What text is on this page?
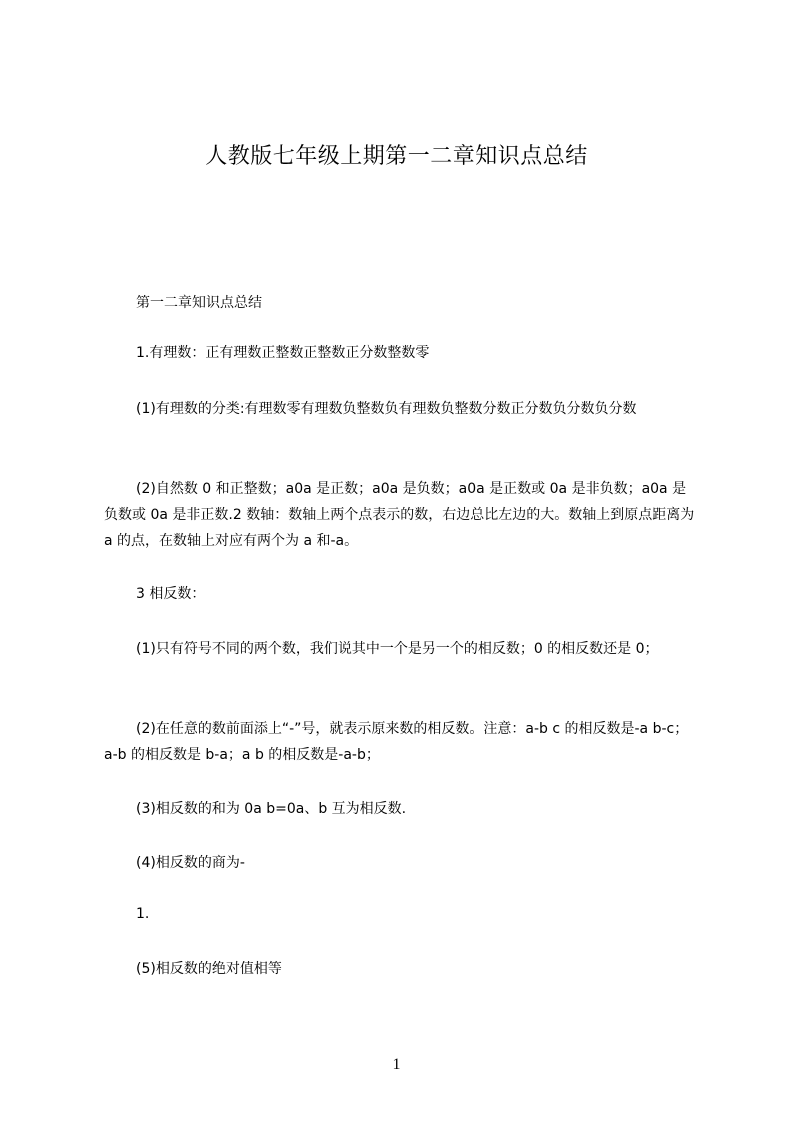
人教版七年级上期第一二章知识点总结
第一二章知识点总结
1.有理数：正有理数正整数正整数正分数整数零
(1)有理数的分类:有理数零有理数负整数负有理数负整数分数正分数负分数负分数
(2)自然数 0 和正整数；a0a 是正数；a0a 是负数；a0a 是正数或 0a 是非负数；a0a 是负数或 0a 是非正数.2 数轴：数轴上两个点表示的数，右边总比左边的大。数轴上到原点距离为 a 的点，在数轴上对应有两个为 a 和-a。
3 相反数：
(1)只有符号不同的两个数，我们说其中一个是另一个的相反数；0 的相反数还是 0；
(2)在任意的数前面添上“-”号，就表示原来数的相反数。注意：a-b c 的相反数是-a b-c；a-b 的相反数是 b-a；a b 的相反数是-a-b；
(3)相反数的和为 0a b=0a、b 互为相反数.
(4)相反数的商为-
1.
(5)相反数的绝对值相等
1
